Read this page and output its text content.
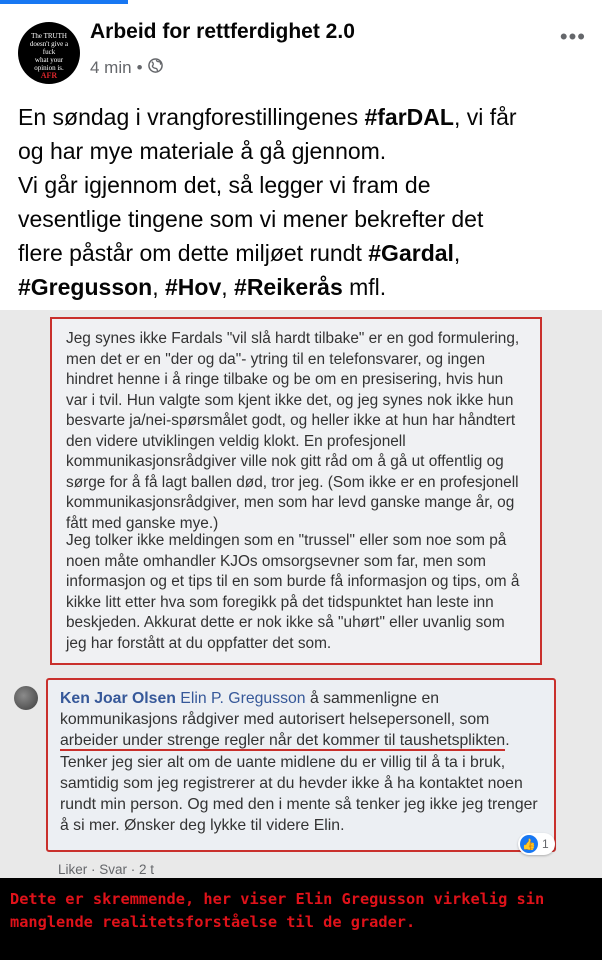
The TRUTH
doesn't give a
fuck
what your
opinion is.
AFR
Arbeid for rettferdighet 2.0
4 min •
•••
En søndag i vrangforestillingenes #farDAL, vi får
og har mye materiale å gå gjennom.
Vi går igjennom det, så legger vi fram de
vesentlige tingene som vi mener bekrefter det
flere påstår om dette miljøet rundt #Gardal,
#Gregusson, #Hov, #Reikerås mfl.

Jeg synes ikke Fardals "vil slå hardt tilbake" er en god formulering, men det er en "der og da"- ytring til en telefonsvarer, og ingen hindret henne i å ringe tilbake og be om en presisering, hvis hun var i tvil. Hun valgte som kjent ikke det, og jeg synes nok ikke hun besvarte ja/nei-spørsmålet godt, og heller ikke at hun har håndtert den videre utviklingen veldig klokt. En profesjonell kommunikasjonsrådgiver ville nok gitt råd om å gå ut offentlig og sørge for å få lagt ballen død, tror jeg. (Som ikke er en profesjonell kommunikasjonsrådgiver, men som har levd ganske mange år, og fått med ganske mye.)

Jeg tolker ikke meldingen som en "trussel" eller som noe som på noen måte omhandler KJOs omsorgsevner som far, men som informasjon og et tips til en som burde få informasjon og tips, om å kikke litt etter hva som foregikk på det tidspunktet han leste inn beskjeden. Akkurat dette er nok ikke så "uhørt" eller uvanlig som jeg har forstått at du oppfatter det som.

Ken Joar Olsen Elin P. Gregusson å sammenligne en kommunikasjons rådgiver med autorisert helsepersonell, som arbeider under strenge regler når det kommer til taushetsplikten. Tenker jeg sier alt om de uante midlene du er villig til å ta i bruk, samtidig som jeg registrerer at du hevder ikke å ha kontaktet noen rundt min person. Og med den i mente så tenker jeg ikke jeg trenger å si mer. Ønsker deg lykke til videre Elin.
👍 1
Liker · Svar · 2 t
Dette er skremmende, her viser Elin Gregusson virkelig sin manglende realitetsforståelse til de grader.
